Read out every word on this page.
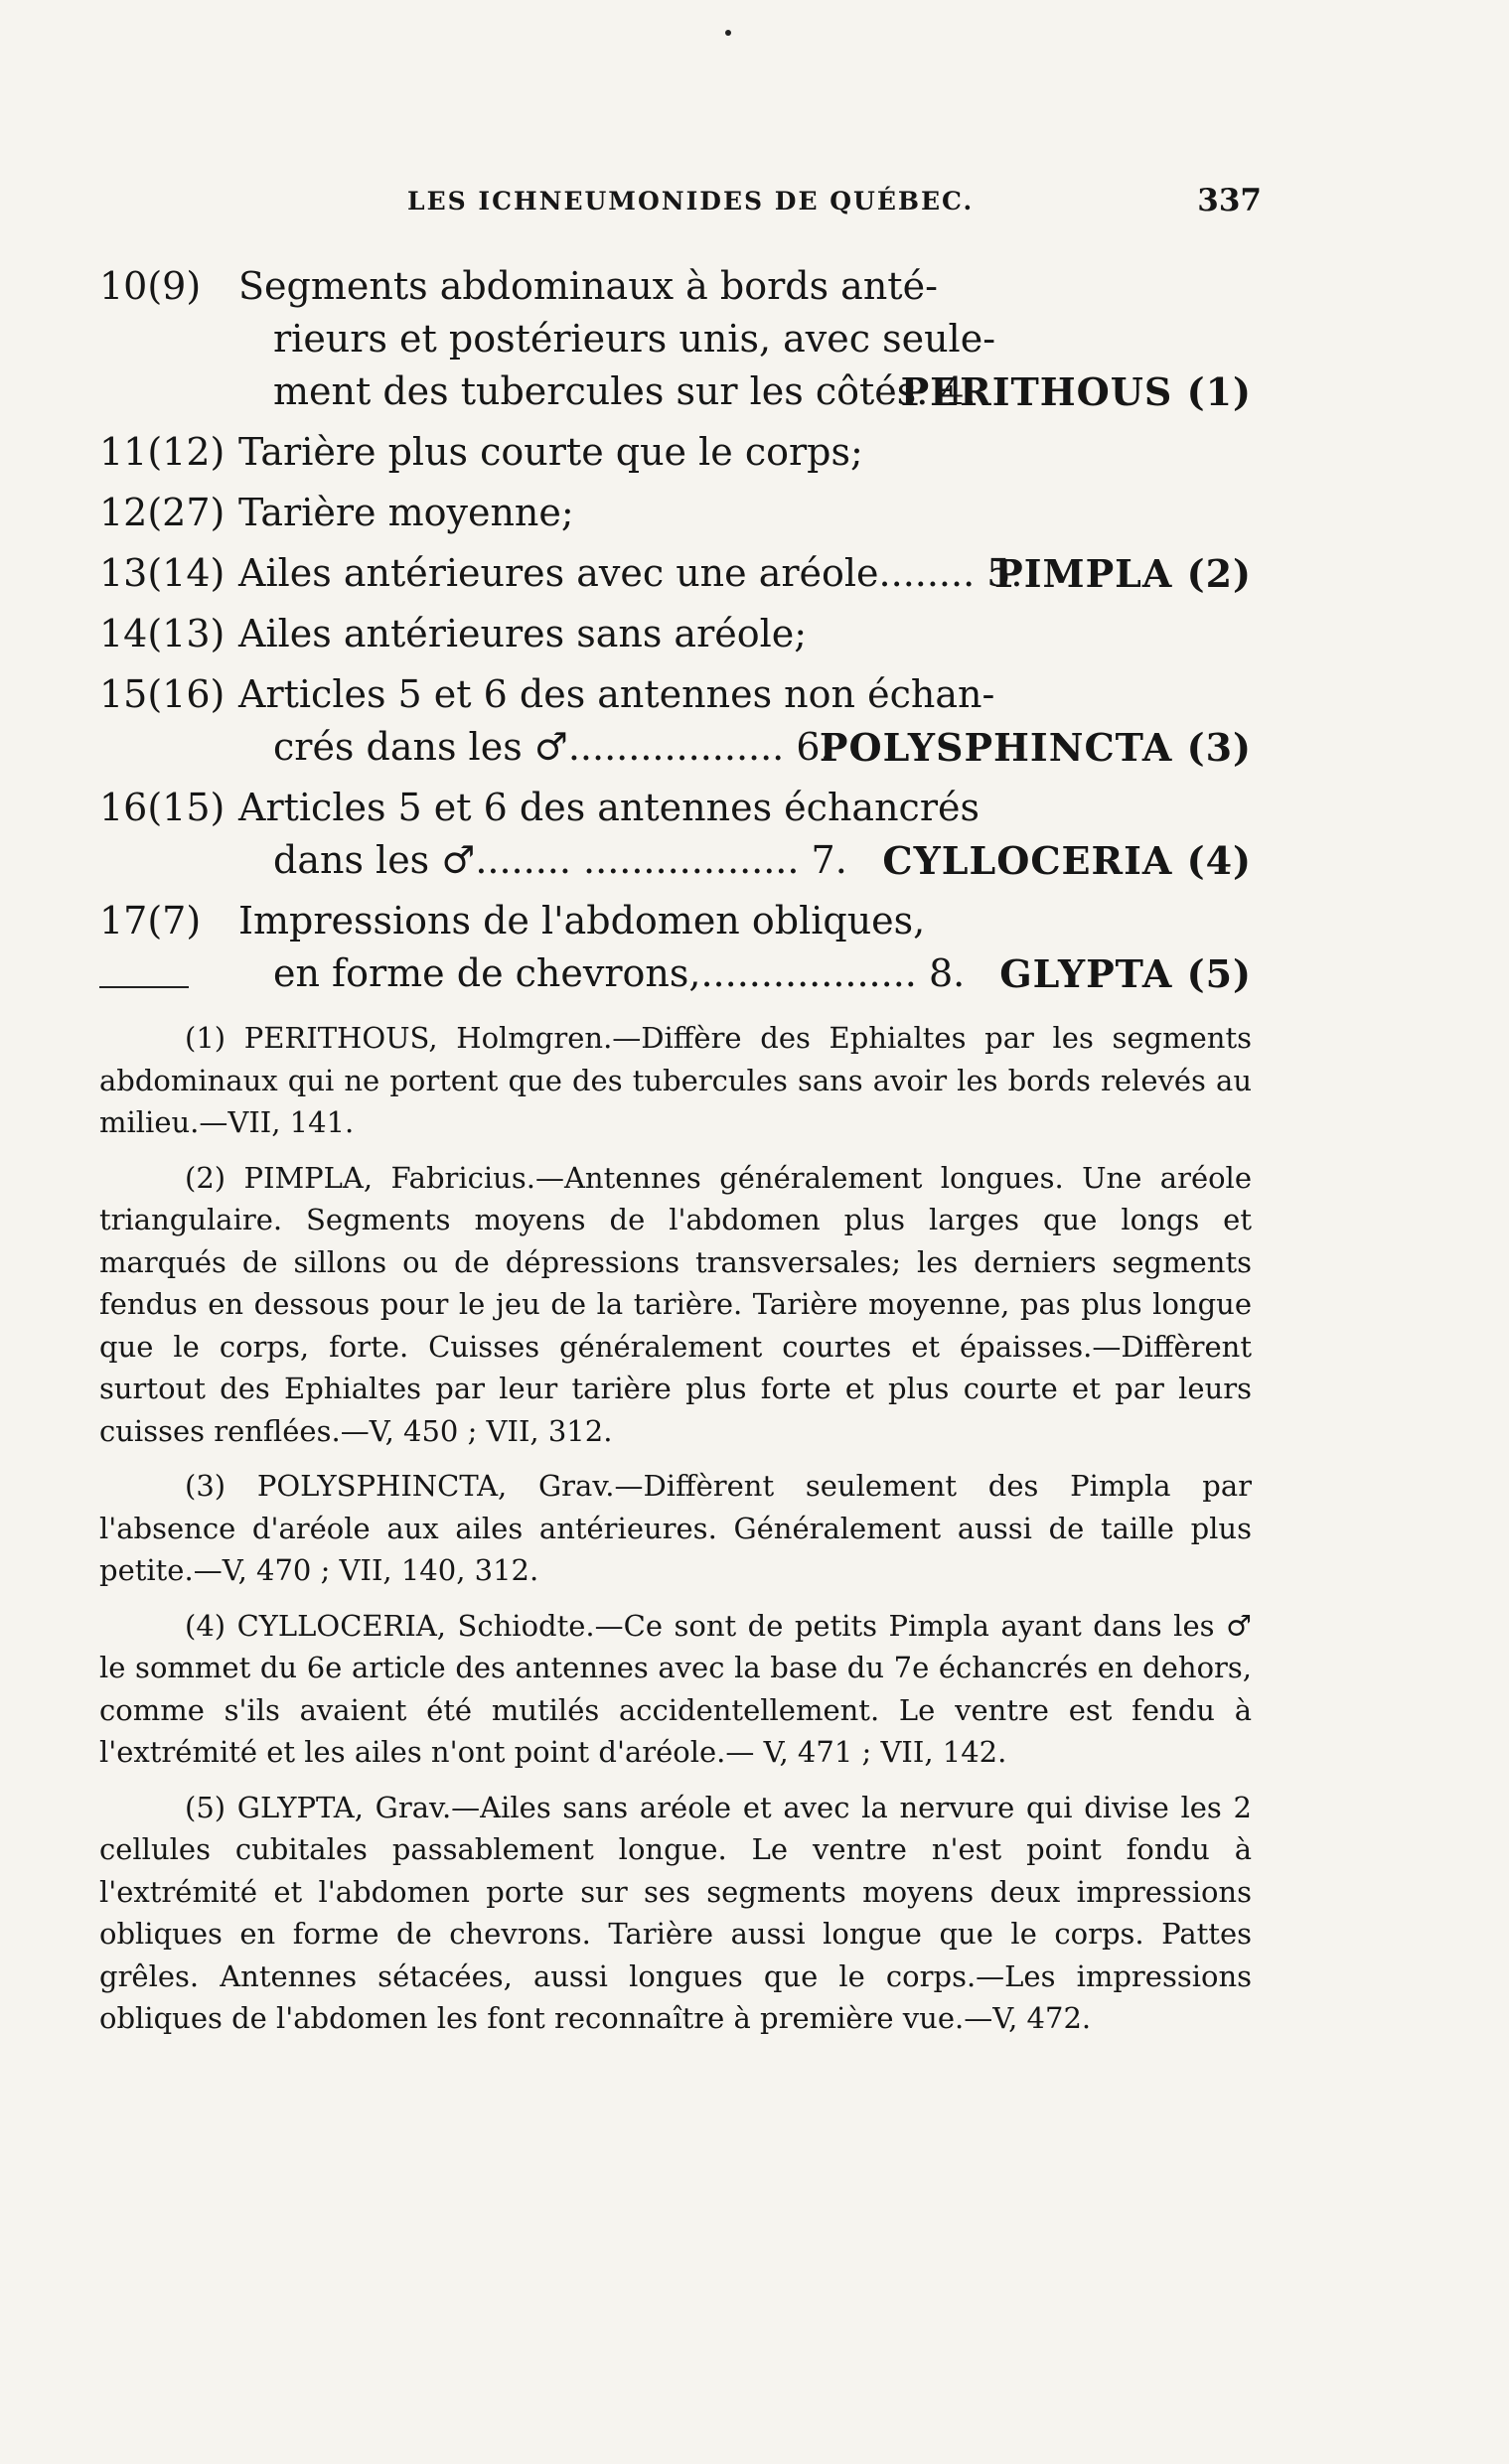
LES ICHNEUMONIDES DE QUÉBEC.	337
10(9) Segments abdominaux à bords anté-
rieurs et postérieurs unis, avec seule-
ment des tubercules sur les côtés. 4.
PERITHOUS (1)
11(12) Tarière plus courte que le corps;
12(27) Tarière moyenne;
13(14) Ailes antérieures avec une aréole........ 5.
PIMPLA (2)
14(13) Ailes antérieures sans aréole;
15(16) Articles 5 et 6 des antennes non échan-
crés dans les ♂.................. 6.
POLYSPHINCTA (3)
16(15) Articles 5 et 6 des antennes échancrés
dans les ♂........ .................. 7. CYLLOCERIA (4)
17(7) Impressions de l'abdomen obliques,
en forme de chevrons,.................. 8. GLYPTA (5)
(1) PERITHOUS, Holmgren.—Diffère des Ephialtes par les segments abdominaux qui ne portent que des tubercules sans avoir les bords relevés au milieu.—VII, 141.
(2) PIMPLA, Fabricius.—Antennes généralement longues. Une aréole triangulaire. Segments moyens de l'abdomen plus larges que longs et marqués de sillons ou de dépressions transversales; les derniers segments fendus en dessous pour le jeu de la tarière. Tarière moyenne, pas plus longue que le corps, forte. Cuisses généralement courtes et épaisses.—Diffèrent surtout des Ephialtes par leur tarière plus forte et plus courte et par leurs cuisses renflées.—V, 450 ; VII, 312.
(3) POLYSPHINCTA, Grav.—Diffèrent seulement des Pimpla par l'absence d'aréole aux ailes antérieures. Généralement aussi de taille plus petite.—V, 470 ; VII, 140, 312.
(4) CYLLOCERIA, Schiodte.—Ce sont de petits Pimpla ayant dans les ♂ le sommet du 6e article des antennes avec la base du 7e échancrés en dehors, comme s'ils avaient été mutilés accidentellement. Le ventre est fendu à l'extrémité et les ailes n'ont point d'aréole.— V, 471 ; VII, 142.
(5) GLYPTA, Grav.—Ailes sans aréole et avec la nervure qui divise les 2 cellules cubitales passablement longue. Le ventre n'est point fondu à l'extrémité et l'abdomen porte sur ses segments moyens deux impressions obliques en forme de chevrons. Tarière aussi longue que le corps. Pattes grêles. Antennes sétacées, aussi longues que le corps.—Les impressions obliques de l'abdomen les font reconnaître à première vue.—V, 472.
